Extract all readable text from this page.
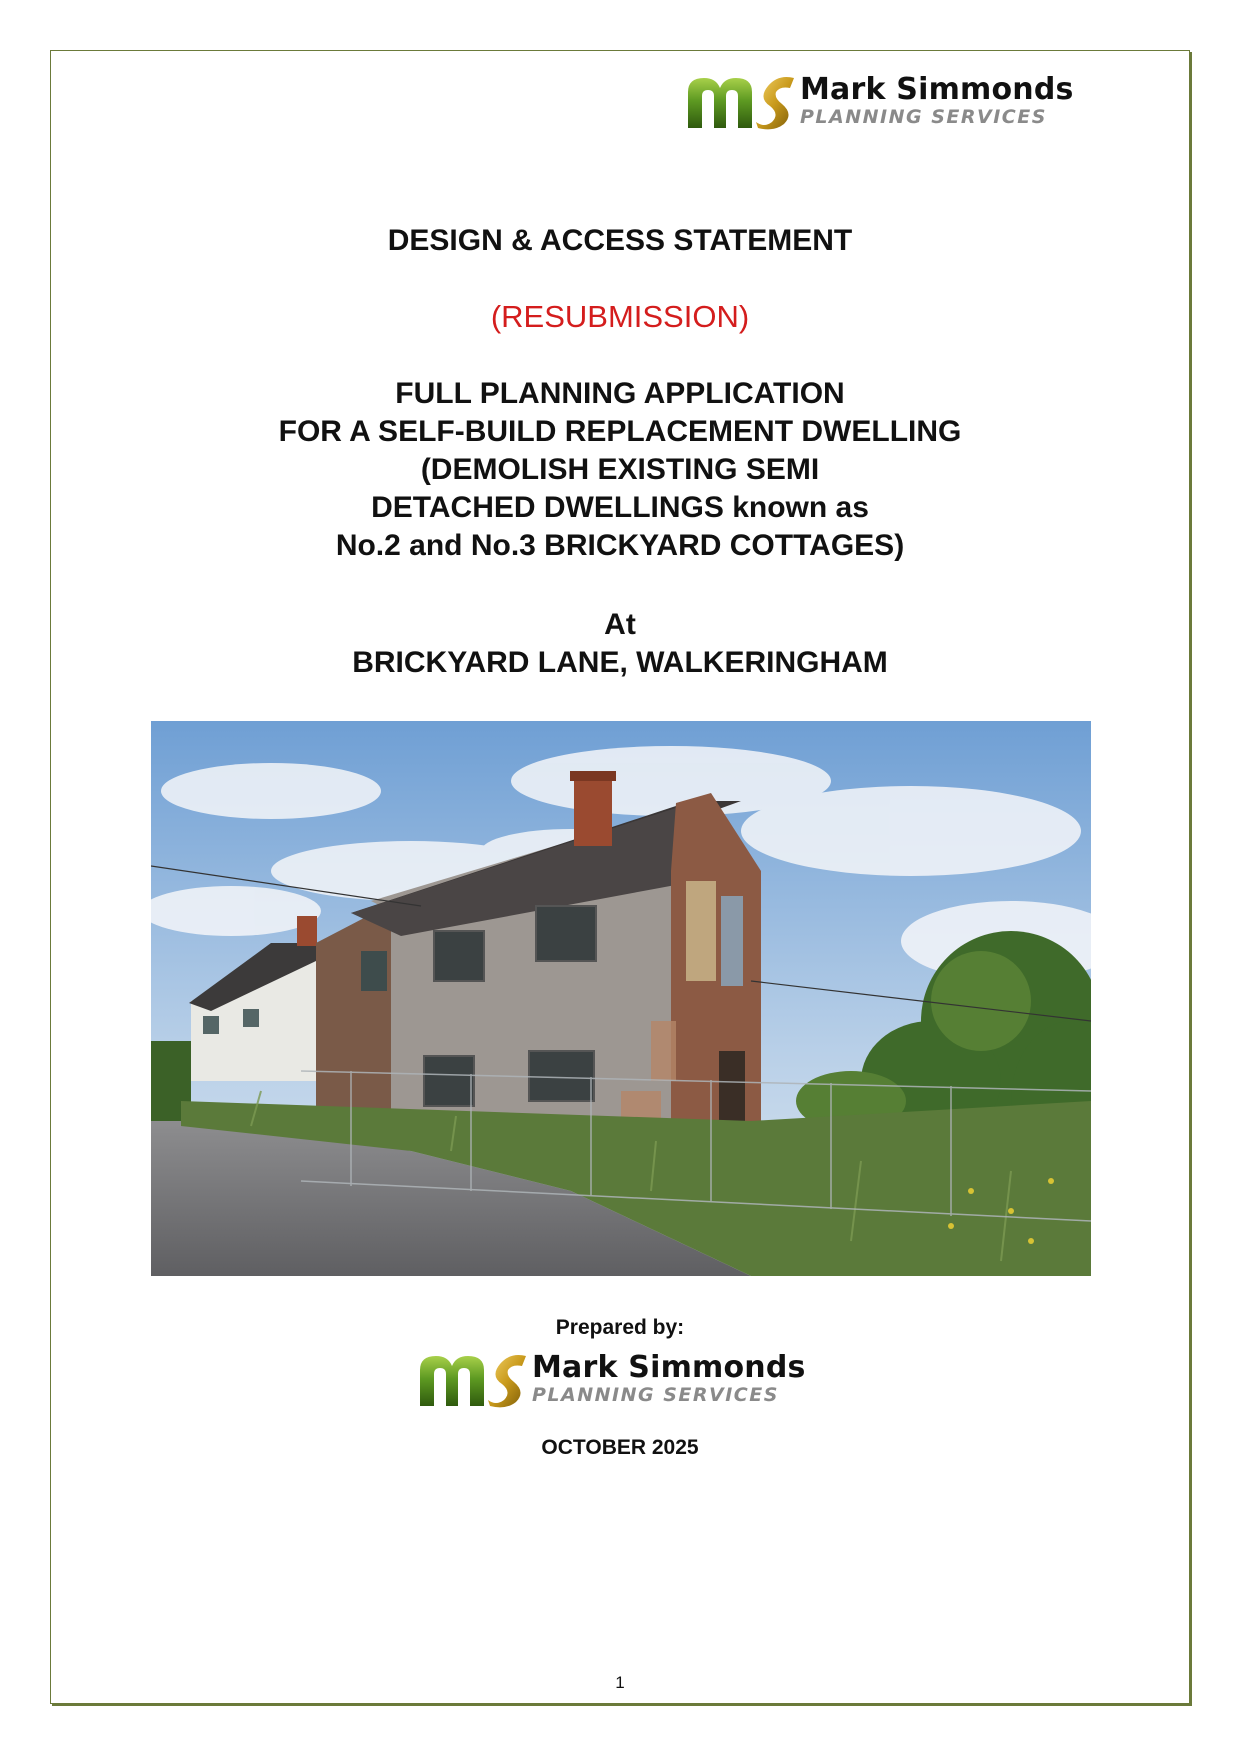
Mark Simmonds
PLANNING SERVICES
DESIGN & ACCESS STATEMENT
(RESUBMISSION)
FULL PLANNING APPLICATION
FOR A SELF-BUILD REPLACEMENT DWELLING
(DEMOLISH EXISTING SEMI
DETACHED DWELLINGS known as
No.2 and No.3 BRICKYARD COTTAGES)
At
BRICKYARD LANE, WALKERINGHAM
Prepared by:
Mark Simmonds
PLANNING SERVICES
OCTOBER 2025
1
